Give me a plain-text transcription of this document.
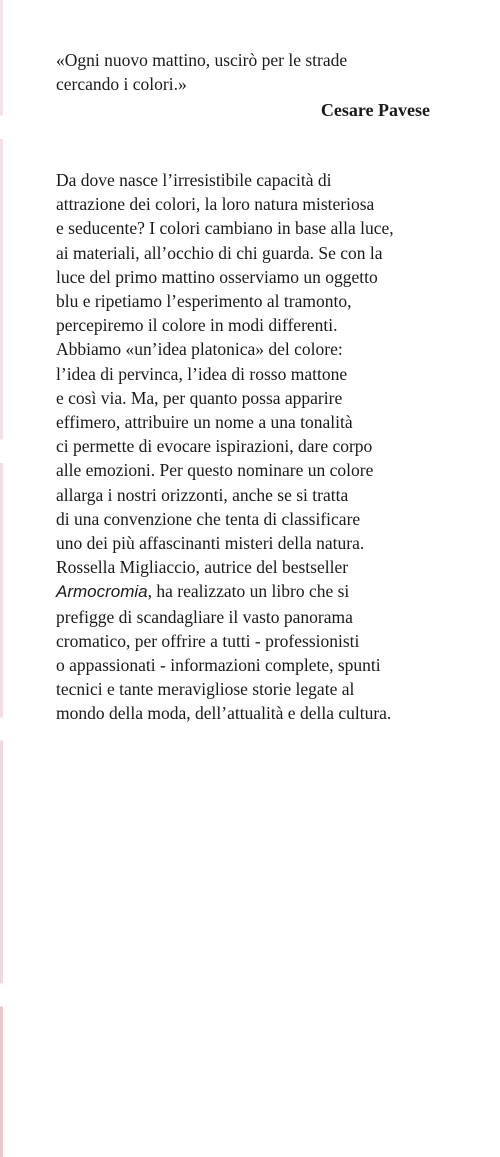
«Ogni nuovo mattino, uscirò per le strade
cercando i colori.»
Cesare Pavese
Da dove nasce l’irresistibile capacità di
attrazione dei colori, la loro natura misteriosa
e seducente? I colori cambiano in base alla luce,
ai materiali, all’occhio di chi guarda. Se con la
luce del primo mattino osserviamo un oggetto
blu e ripetiamo l’esperimento al tramonto,
percepiremo il colore in modi differenti.
Abbiamo «un’idea platonica» del colore:
l’idea di pervinca, l’idea di rosso mattone
e così via. Ma, per quanto possa apparire
effimero, attribuire un nome a una tonalità
ci permette di evocare ispirazioni, dare corpo
alle emozioni. Per questo nominare un colore
allarga i nostri orizzonti, anche se si tratta
di una convenzione che tenta di classificare
uno dei più affascinanti misteri della natura.
Rossella Migliaccio, autrice del bestseller
Armocromia, ha realizzato un libro che si
prefigge di scandagliare il vasto panorama
cromatico, per offrire a tutti - professionisti
o appassionati - informazioni complete, spunti
tecnici e tante meravigliose storie legate al
mondo della moda, dell’attualità e della cultura.
